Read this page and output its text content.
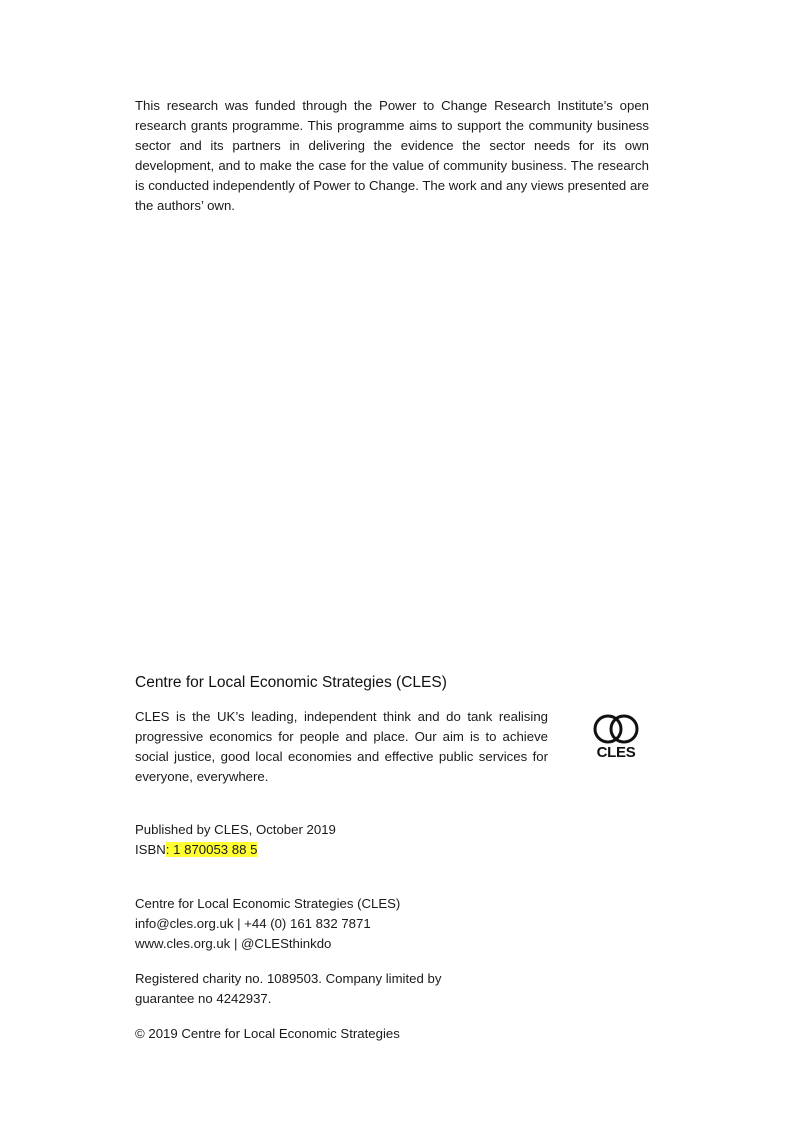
This research was funded through the Power to Change Research Institute’s open research grants programme. This programme aims to support the community business sector and its partners in delivering the evidence the sector needs for its own development, and to make the case for the value of community business. The research is conducted independently of Power to Change. The work and any views presented are the authors’ own.

Centre for Local Economic Strategies (CLES)

CLES is the UK’s leading, independent think and do tank realising progressive economics for people and place. Our aim is to achieve social justice, good local economies and effective public services for everyone, everywhere.

CLES
Published by CLES, October 2019
ISBN: 1 870053 88 5
Centre for Local Economic Strategies (CLES)
info@cles.org.uk | +44 (0) 161 832 7871
www.cles.org.uk | @CLESthinkdo
Registered charity no. 1089503. Company limited by
guarantee no 4242937.
© 2019 Centre for Local Economic Strategies
